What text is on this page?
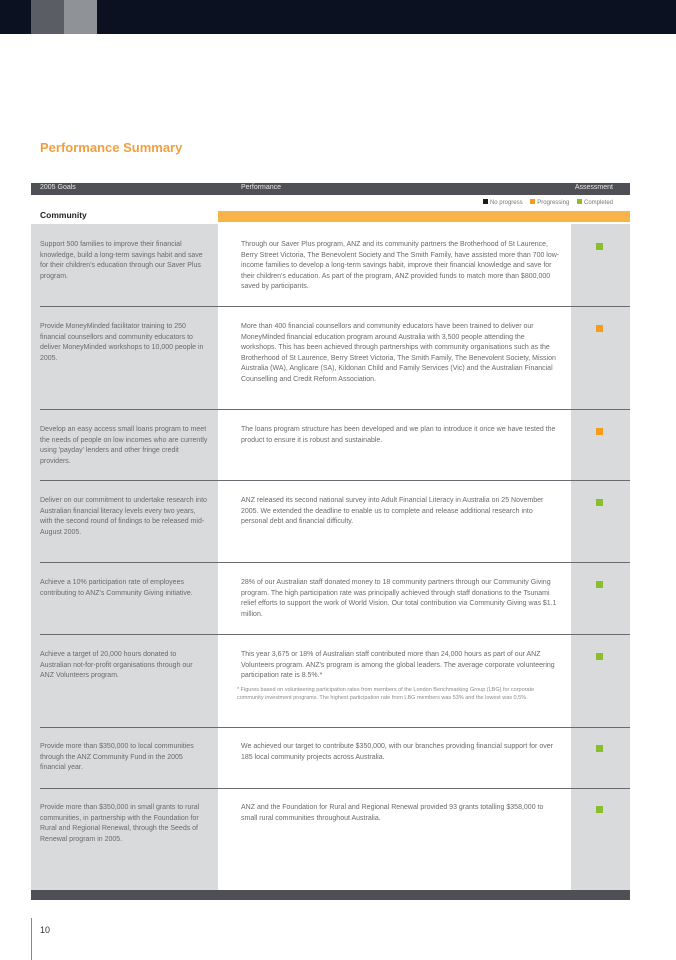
Performance Summary
2005 Goals	Performance	Assessment
No progress Progressing Completed
Community
Support 500 families to improve their financial knowledge, build a long-term savings habit and save for their children's education through our Saver Plus program.
Through our Saver Plus program, ANZ and its community partners the Brotherhood of St Laurence, Berry Street Victoria, The Benevolent Society and The Smith Family, have assisted more than 700 low-income families to develop a long-term savings habit, improve their financial knowledge and save for their children's education. As part of the program, ANZ provided funds to match more than $800,000 saved by participants.
Provide MoneyMinded facilitator training to 250 financial counsellors and community educators to deliver MoneyMinded workshops to 10,000 people in 2005.
More than 400 financial counsellors and community educators have been trained to deliver our MoneyMinded financial education program around Australia with 3,500 people attending the workshops. This has been achieved through partnerships with community organisations such as the Brotherhood of St Laurence, Berry Street Victoria, The Smith Family, The Benevolent Society, Mission Australia (WA), Anglicare (SA), Kildonan Child and Family Services (Vic) and the Australian Financial Counselling and Credit Reform Association.
Develop an easy access small loans program to meet the needs of people on low incomes who are currently using 'payday' lenders and other fringe credit providers.
The loans program structure has been developed and we plan to introduce it once we have tested the product to ensure it is robust and sustainable.
Deliver on our commitment to undertake research into Australian financial literacy levels every two years, with the second round of findings to be released mid-August 2005.
ANZ released its second national survey into Adult Financial Literacy in Australia on 25 November 2005. We extended the deadline to enable us to complete and release additional research into personal debt and financial difficulty.
Achieve a 10% participation rate of employees contributing to ANZ's Community Giving initiative.
28% of our Australian staff donated money to 18 community partners through our Community Giving program. The high participation rate was principally achieved through staff donations to the Tsunami relief efforts to support the work of World Vision. Our total contribution via Community Giving was $1.1 million.
Achieve a target of 20,000 hours donated to Australian not-for-profit organisations through our ANZ Volunteers program.
This year 3,675 or 18% of Australian staff contributed more than 24,000 hours as part of our ANZ Volunteers program. ANZ's program is among the global leaders. The average corporate volunteering participation rate is 8.5%.*
* Figures based on volunteering participation rates from members of the London Benchmarking Group (LBG) for corporate community investment programs. The highest participation rate from LBG members was 53% and the lowest was 0.5%.
Provide more than $350,000 to local communities through the ANZ Community Fund in the 2005 financial year.
We achieved our target to contribute $350,000, with our branches providing financial support for over 185 local community projects across Australia.
Provide more than $350,000 in small grants to rural communities, in partnership with the Foundation for Rural and Regional Renewal, through the Seeds of Renewal program in 2005.
ANZ and the Foundation for Rural and Regional Renewal provided 93 grants totalling $358,000 to small rural communities throughout Australia.
10
